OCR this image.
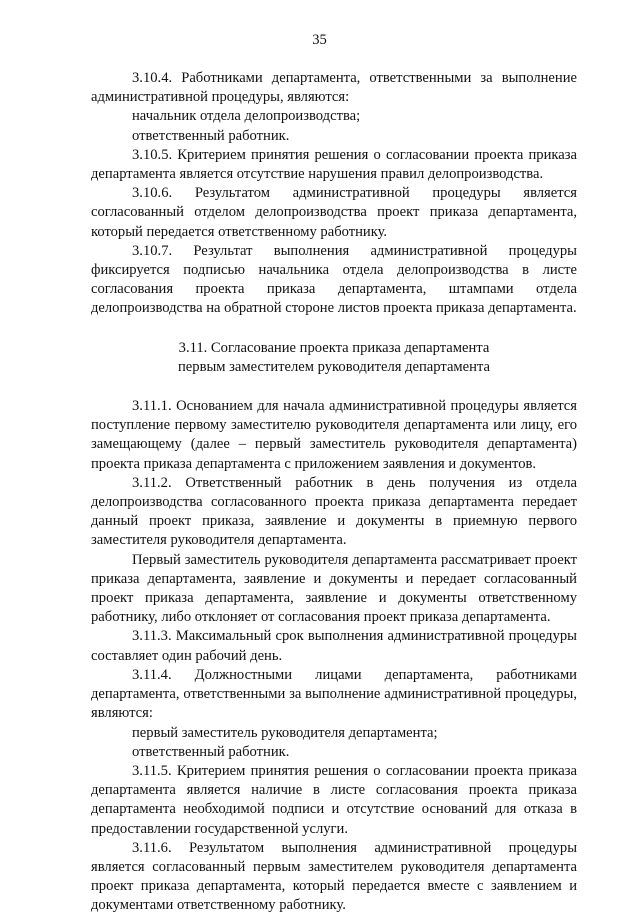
35

3.10.4. Работниками департамента, ответственными за выполнение административной процедуры, являются:

начальник отдела делопроизводства;

ответственный работник.

3.10.5. Критерием принятия решения о согласовании проекта приказа департамента является отсутствие нарушения правил делопроизводства.

3.10.6. Результатом административной процедуры является согласованный отделом делопроизводства проект приказа департамента, который передается ответственному работнику.

3.10.7. Результат выполнения административной процедуры фиксируется подписью начальника отдела делопроизводства в листе согласования проекта приказа департамента, штампами отдела делопроизводства на обратной стороне листов проекта приказа департамента.

3.11. Согласование проекта приказа департамента
первым заместителем руководителя департамента

3.11.1. Основанием для начала административной процедуры является поступление первому заместителю руководителя департамента или лицу, его замещающему (далее – первый заместитель руководителя департамента) проекта приказа департамента с приложением заявления и документов.

3.11.2. Ответственный работник в день получения из отдела делопроизводства согласованного проекта приказа департамента передает данный проект приказа, заявление и документы в приемную первого заместителя руководителя департамента.

Первый заместитель руководителя департамента рассматривает проект приказа департамента, заявление и документы и передает согласованный проект приказа департамента, заявление и документы ответственному работнику, либо отклоняет от согласования проект приказа департамента.

3.11.3. Максимальный срок выполнения административной процедуры составляет один рабочий день.

3.11.4. Должностными лицами департамента, работниками департамента, ответственными за выполнение административной процедуры, являются:

первый заместитель руководителя департамента;

ответственный работник.

3.11.5. Критерием принятия решения о согласовании проекта приказа департамента является наличие в листе согласования проекта приказа департамента необходимой подписи и отсутствие оснований для отказа в предоставлении государственной услуги.

3.11.6. Результатом выполнения административной процедуры является согласованный первым заместителем руководителя департамента проект приказа департамента, который передается вместе с заявлением и документами ответственному работнику.
